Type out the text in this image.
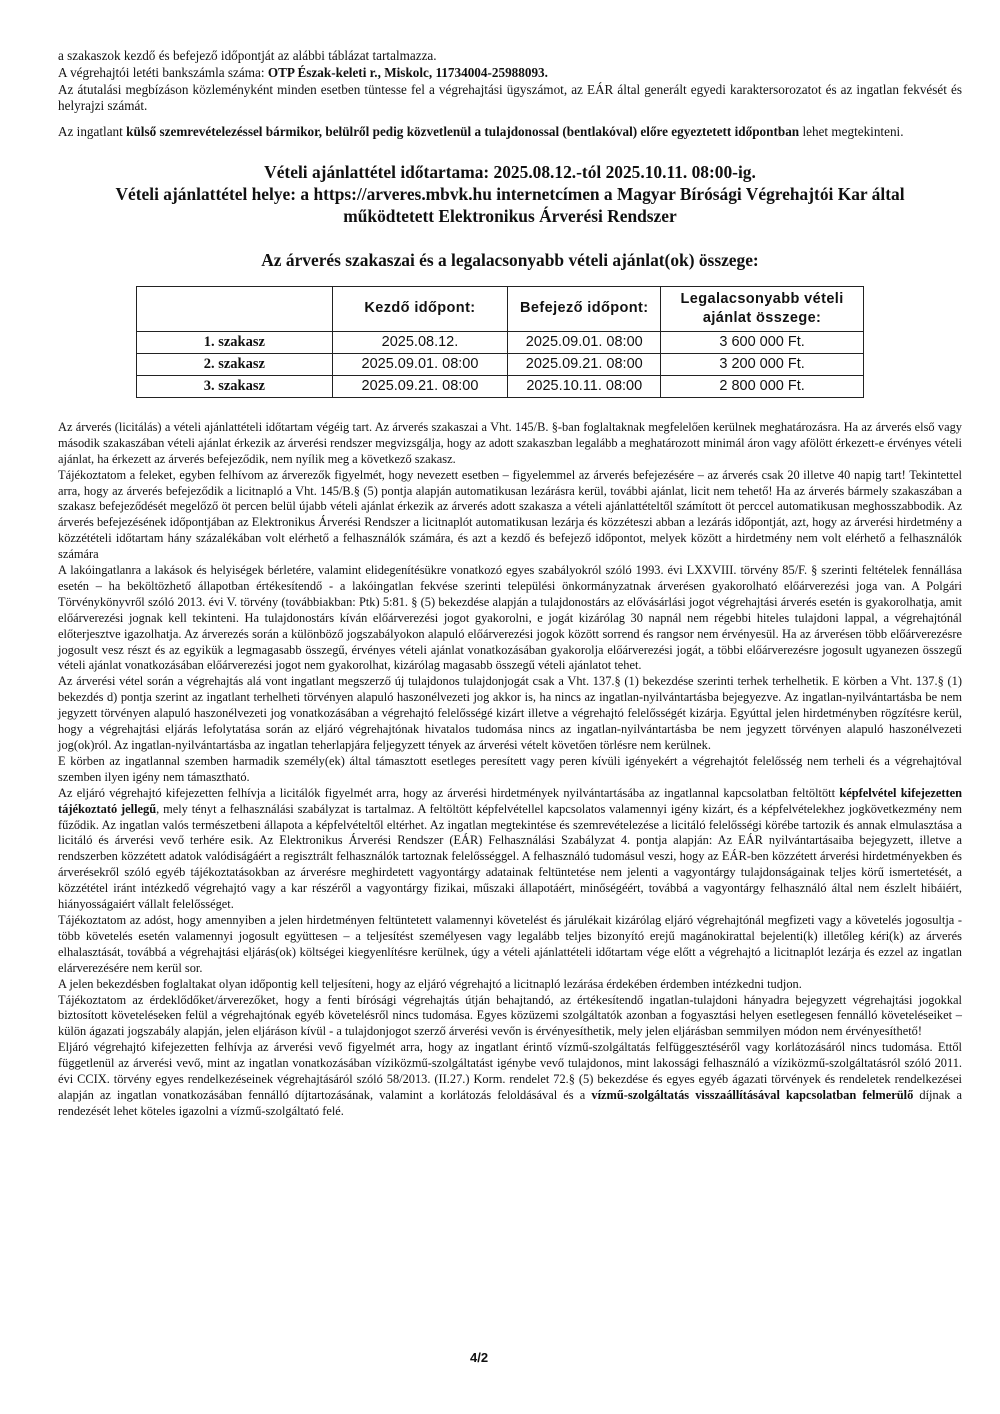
a szakaszok kezdő és befejező időpontját az alábbi táblázat tartalmazza.

A végrehajtói letéti bankszámla száma: OTP Észak-keleti r., Miskolc, 11734004-25988093.

Az átutalási megbízáson közleményként minden esetben tüntesse fel a végrehajtási ügyszámot, az EÁR által generált egyedi karaktersorozatot és az ingatlan fekvését és helyrajzi számát.

Az ingatlant külső szemrevételezéssel bármikor, belülről pedig közvetlenül a tulajdonossal (bentlakóval) előre egyeztetett időpontban lehet megtekinteni.

Vételi ajánlattétel időtartama: 2025.08.12.-tól 2025.10.11. 08:00-ig.

Vételi ajánlattétel helye: a https://arveres.mbvk.hu internetcímen a Magyar Bírósági Végrehajtói Kar által működtetett Elektronikus Árverési Rendszer

Az árverés szakaszai és a legalacsonyabb vételi ajánlat(ok) összege:

	Kezdő időpont:	Befejező időpont:	Legalacsonyabb vételi ajánlat összege:
1. szakasz	2025.08.12.	2025.09.01. 08:00	3 600 000 Ft.
2. szakasz	2025.09.01. 08:00	2025.09.21. 08:00	3 200 000 Ft.
3. szakasz	2025.09.21. 08:00	2025.10.11. 08:00	2 800 000 Ft.

Az árverés (licitálás) a vételi ajánlattételi időtartam végéig tart. Az árverés szakaszai a Vht. 145/B. §-ban foglaltaknak megfelelően kerülnek meghatározásra. Ha az árverés első vagy második szakaszában vételi ajánlat érkezik az árverési rendszer megvizsgálja, hogy az adott szakaszban legalább a meghatározott minimál áron vagy afölött érkezett-e érvényes vételi ajánlat, ha érkezett az árverés befejeződik, nem nyílik meg a következő szakasz.

Tájékoztatom a feleket, egyben felhívom az árverezők figyelmét, hogy nevezett esetben – figyelemmel az árverés befejezésére – az árverés csak 20 illetve 40 napig tart! Tekintettel arra, hogy az árverés befejeződik a licitnapló a Vht. 145/B.§ (5) pontja alapján automatikusan lezárásra kerül, további ajánlat, licit nem tehető! Ha az árverés bármely szakaszában a szakasz befejeződését megelőző öt percen belül újabb vételi ajánlat érkezik az árverés adott szakasza a vételi ajánlattételtől számított öt perccel automatikusan meghosszabbodik. Az árverés befejezésének időpontjában az Elektronikus Árverési Rendszer a licitnaplót automatikusan lezárja és közzéteszi abban a lezárás időpontját, azt, hogy az árverési hirdetmény a közzétételi időtartam hány százalékában volt elérhető a felhasználók számára, és azt a kezdő és befejező időpontot, melyek között a hirdetmény nem volt elérhető a felhasználók számára

A lakóingatlanra a lakások és helyiségek bérletére, valamint elidegenítésükre vonatkozó egyes szabályokról szóló 1993. évi LXXVIII. törvény 85/F. § szerinti feltételek fennállása esetén – ha beköltözhető állapotban értékesítendő - a lakóingatlan fekvése szerinti települési önkormányzatnak árverésen gyakorolható előárverezési joga van. A Polgári Törvénykönyvről szóló 2013. évi V. törvény (továbbiakban: Ptk) 5:81. § (5) bekezdése alapján a tulajdonostárs az elővásárlási jogot végrehajtási árverés esetén is gyakorolhatja, amit előárverezési jognak kell tekinteni. Ha tulajdonostárs kíván előárverezési jogot gyakorolni, e jogát kizárólag 30 napnál nem régebbi hiteles tulajdoni lappal, a végrehajtónál előterjesztve igazolhatja. Az árverezés során a különböző jogszabályokon alapuló előárverezési jogok között sorrend és rangsor nem érvényesül. Ha az árverésen több előárverezésre jogosult vesz részt és az egyikük a legmagasabb összegű, érvényes vételi ajánlat vonatkozásában gyakorolja előárverezési jogát, a többi előárverezésre jogosult ugyanezen összegű vételi ajánlat vonatkozásában előárverezési jogot nem gyakorolhat, kizárólag magasabb összegű vételi ajánlatot tehet.

Az árverési vétel során a végrehajtás alá vont ingatlant megszerző új tulajdonos tulajdonjogát csak a Vht. 137.§ (1) bekezdése szerinti terhek terhelhetik. E körben a Vht. 137.§ (1) bekezdés d) pontja szerint az ingatlant terhelheti törvényen alapuló haszonélvezeti jog akkor is, ha nincs az ingatlan-nyilvántartásba bejegyezve. Az ingatlan-nyilvántartásba be nem jegyzett törvényen alapuló haszonélvezeti jog vonatkozásában a végrehajtó felelősségé kizárt illetve a végrehajtó felelősségét kizárja. Egyúttal jelen hirdetményben rögzítésre kerül, hogy a végrehajtási eljárás lefolytatása során az eljáró végrehajtónak hivatalos tudomása nincs az ingatlan-nyilvántartásba be nem jegyzett törvényen alapuló haszonélvezeti jog(ok)ról. Az ingatlan-nyilvántartásba az ingatlan teherlapjára feljegyzett tények az árverési vételt követően törlésre nem kerülnek.

E körben az ingatlannal szemben harmadik személy(ek) által támasztott esetleges peresített vagy peren kívüli igényekért a végrehajtót felelősség nem terheli és a végrehajtóval szemben ilyen igény nem támasztható.

Az eljáró végrehajtó kifejezetten felhívja a licitálók figyelmét arra, hogy az árverési hirdetmények nyilvántartásába az ingatlannal kapcsolatban feltöltött képfelvétel kifejezetten tájékoztató jellegű, mely tényt a felhasználási szabályzat is tartalmaz. A feltöltött képfelvétellel kapcsolatos valamennyi igény kizárt, és a képfelvételekhez jogkövetkezmény nem fűződik. Az ingatlan valós természetbeni állapota a képfelvételtől eltérhet. Az ingatlan megtekintése és szemrevételezése a licitáló felelősségi körébe tartozik és annak elmulasztása a licitáló és árverési vevő terhére esik. Az Elektronikus Árverési Rendszer (EÁR) Felhasználási Szabályzat 4. pontja alapján: Az EÁR nyilvántartásaiba bejegyzett, illetve a rendszerben közzétett adatok valódiságáért a regisztrált felhasználók tartoznak felelősséggel. A felhasználó tudomásul veszi, hogy az EÁR-ben közzétett árverési hirdetményekben és árverésekről szóló egyéb tájékoztatásokban az árverésre meghirdetett vagyontárgy adatainak feltüntetése nem jelenti a vagyontárgy tulajdonságainak teljes körű ismertetését, a közzététel iránt intézkedő végrehajtó vagy a kar részéről a vagyontárgy fizikai, műszaki állapotáért, minőségéért, továbbá a vagyontárgy felhasználó által nem észlelt hibáiért, hiányosságaiért vállalt felelősséget.

Tájékoztatom az adóst, hogy amennyiben a jelen hirdetményen feltüntetett valamennyi követelést és járulékait kizárólag eljáró végrehajtónál megfizeti vagy a követelés jogosultja - több követelés esetén valamennyi jogosult együttesen – a teljesítést személyesen vagy legalább teljes bizonyító erejű magánokirattal bejelenti(k) illetőleg kéri(k) az árverés elhalasztását, továbbá a végrehajtási eljárás(ok) költségei kiegyenlítésre kerülnek, úgy a vételi ajánlattételi időtartam vége előtt a végrehajtó a licitnaplót lezárja és ezzel az ingatlan elárverezésére nem kerül sor.

A jelen bekezdésben foglaltakat olyan időpontig kell teljesíteni, hogy az eljáró végrehajtó a licitnapló lezárása érdekében érdemben intézkedni tudjon.

Tájékoztatom az érdeklődőket/árverezőket, hogy a fenti bírósági végrehajtás útján behajtandó, az értékesítendő ingatlan-tulajdoni hányadra bejegyzett végrehajtási jogokkal biztosított követeléseken felül a végrehajtónak egyéb követelésről nincs tudomása. Egyes közüzemi szolgáltatók azonban a fogyasztási helyen esetlegesen fennálló követeléseiket – külön ágazati jogszabály alapján, jelen eljáráson kívül - a tulajdonjogot szerző árverési vevőn is érvényesíthetik, mely jelen eljárásban semmilyen módon nem érvényesíthető!

Eljáró végrehajtó kifejezetten felhívja az árverési vevő figyelmét arra, hogy az ingatlant érintő vízmű-szolgáltatás felfüggesztéséről vagy korlátozásáról nincs tudomása. Ettől függetlenül az árverési vevő, mint az ingatlan vonatkozásában víziközmű-szolgáltatást igénybe vevő tulajdonos, mint lakossági felhasználó a víziközmű-szolgáltatásról szóló 2011. évi CCIX. törvény egyes rendelkezéseinek végrehajtásáról szóló 58/2013. (II.27.) Korm. rendelet 72.§ (5) bekezdése és egyes egyéb ágazati törvények és rendeletek rendelkezései alapján az ingatlan vonatkozásában fennálló díjtartozásának, valamint a korlátozás feloldásával és a vízmű-szolgáltatás visszaállításával kapcsolatban felmerülő díjnak a rendezését lehet köteles igazolni a vízmű-szolgáltató felé.

4/2
